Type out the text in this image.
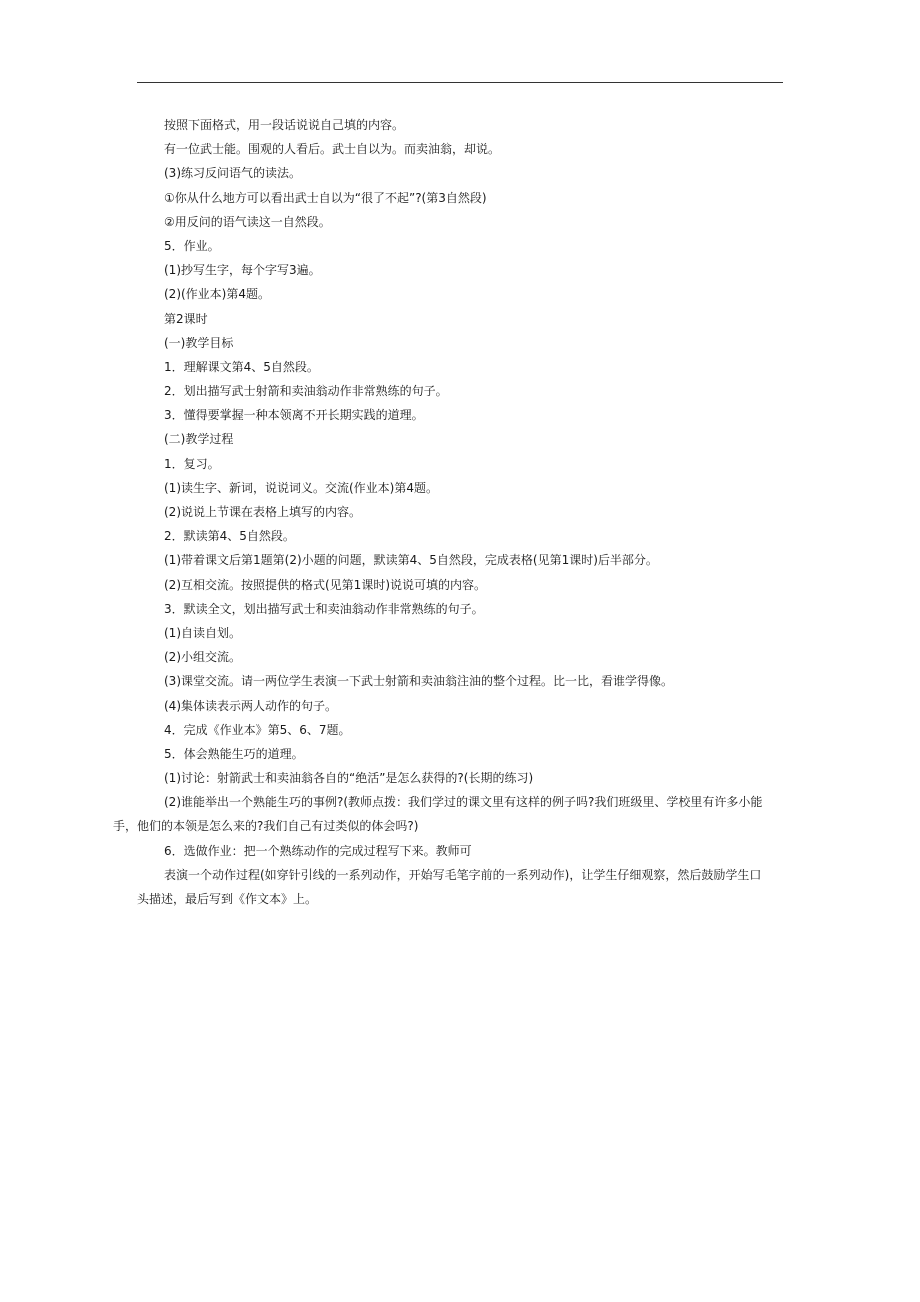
按照下面格式，用一段话说说自己填的内容。
有一位武士能。围观的人看后。武士自以为。而卖油翁，却说。
(3)练习反问语气的读法。
①你从什么地方可以看出武士自以为“很了不起”?(第3自然段)
②用反问的语气读这一自然段。
5．作业。
(1)抄写生字，每个字写3遍。
(2)(作业本)第4题。
第2课时
(一)教学目标
1．理解课文第4、5自然段。
2．划出描写武士射箭和卖油翁动作非常熟练的句子。
3．懂得要掌握一种本领离不开长期实践的道理。
(二)教学过程
1．复习。
(1)读生字、新词，说说词义。交流(作业本)第4题。
(2)说说上节课在表格上填写的内容。
2．默读第4、5自然段。
(1)带着课文后第1题第(2)小题的问题，默读第4、5自然段，完成表格(见第1课时)后半部分。
(2)互相交流。按照提供的格式(见第1课时)说说可填的内容。
3．默读全文，划出描写武士和卖油翁动作非常熟练的句子。
(1)自读自划。
(2)小组交流。
(3)课堂交流。请一两位学生表演一下武士射箭和卖油翁注油的整个过程。比一比，看谁学得像。
(4)集体读表示两人动作的句子。
4．完成《作业本》第5、6、7题。
5．体会熟能生巧的道理。
(1)讨论：射箭武士和卖油翁各自的“绝活”是怎么获得的?(长期的练习)
(2)谁能举出一个熟能生巧的事例?(教师点拨：我们学过的课文里有这样的例子吗?我们班级里、学校里有许多小能
手，他们的本领是怎么来的?我们自己有过类似的体会吗?)
6．选做作业：把一个熟练动作的完成过程写下来。教师可
表演一个动作过程(如穿针引线的一系列动作，开始写毛笔字前的一系列动作)，让学生仔细观察，然后鼓励学生口
头描述，最后写到《作文本》上。
